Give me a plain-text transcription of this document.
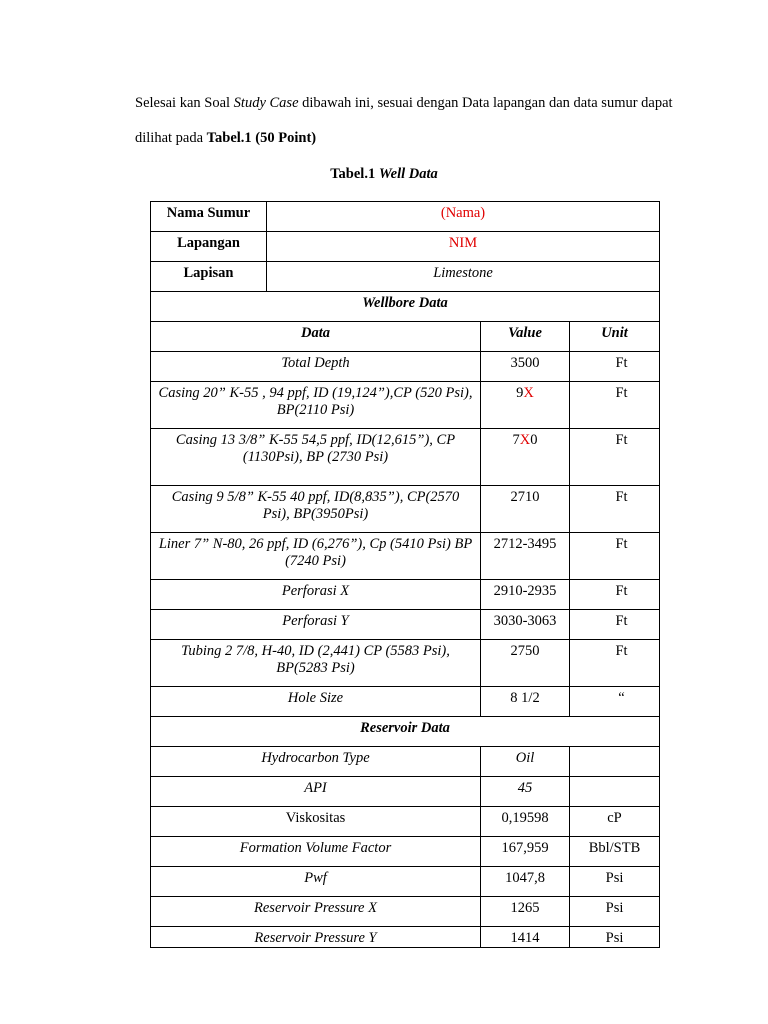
Selesai kan Soal Study Case dibawah ini, sesuai dengan Data lapangan dan data sumur dapat dilihat pada Tabel.1 (50 Point)

Tabel.1 Well Data

Nama Sumur	(Nama)		
Lapangan	NIM		
Lapisan	Limestone		
Wellbore Data			
Data		Value	Unit
Total Depth		3500	Ft
Casing 20” K-55 , 94 ppf, ID (19,124”),CP (520 Psi), BP(2110 Psi)		9X	Ft
Casing 13 3/8” K-55 54,5 ppf, ID(12,615”), CP (1130Psi), BP (2730 Psi)		7X0	Ft
Casing 9 5/8” K-55 40 ppf, ID(8,835”), CP(2570 Psi), BP(3950Psi)		2710	Ft
Liner 7” N-80, 26 ppf, ID (6,276”), Cp (5410 Psi) BP (7240 Psi)		2712-3495	Ft
Perforasi X		2910-2935	Ft
Perforasi Y		3030-3063	Ft
Tubing 2 7/8, H-40, ID (2,441) CP (5583 Psi), BP(5283 Psi)		2750	Ft
Hole Size		8 1/2	“
Reservoir Data			
Hydrocarbon Type		Oil	
API		45	
Viskositas		0,19598	cP
Formation Volume Factor		167,959	Bbl/STB
Pwf		1047,8	Psi
Reservoir Pressure X		1265	Psi
Reservoir Pressure Y		1414	Psi
